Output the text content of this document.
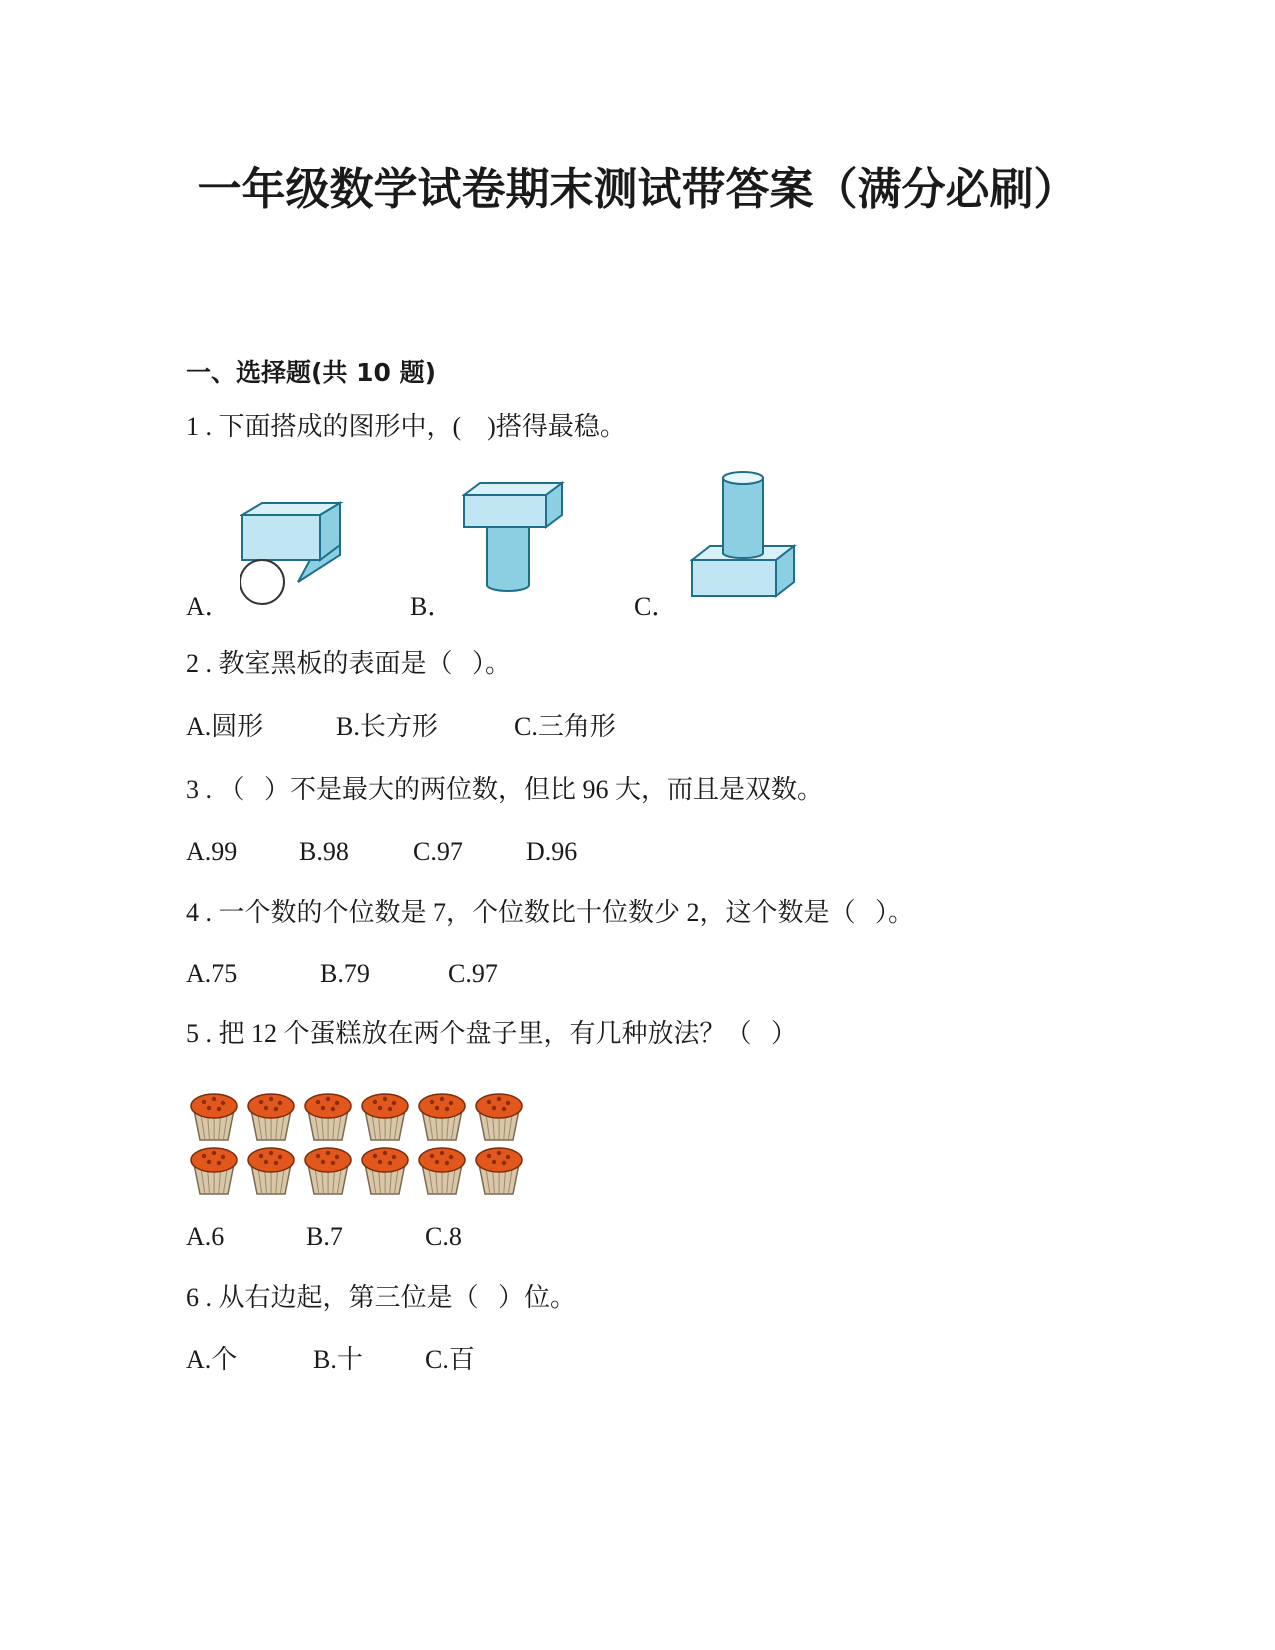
一年级数学试卷期末测试带答案（满分必刷）
一、选择题(共 10 题)
1 . 下面搭成的图形中，(    )搭得最稳。
A．	B．	C．
2 . 教室黑板的表面是（   ）。
A.圆形	B.长方形	C.三角形
3 . （   ）不是最大的两位数，但比 96 大，而且是双数。
A.99 B.98 C.97 D.96
4 . 一个数的个位数是 7，个位数比十位数少 2，这个数是（   ）。
A.75	B.79	C.97
5 . 把 12 个蛋糕放在两个盘子里，有几种放法？（   ）
A.6	B.7	C.8
6 . 从右边起，第三位是（   ）位。
A.个	B.十 C.百
